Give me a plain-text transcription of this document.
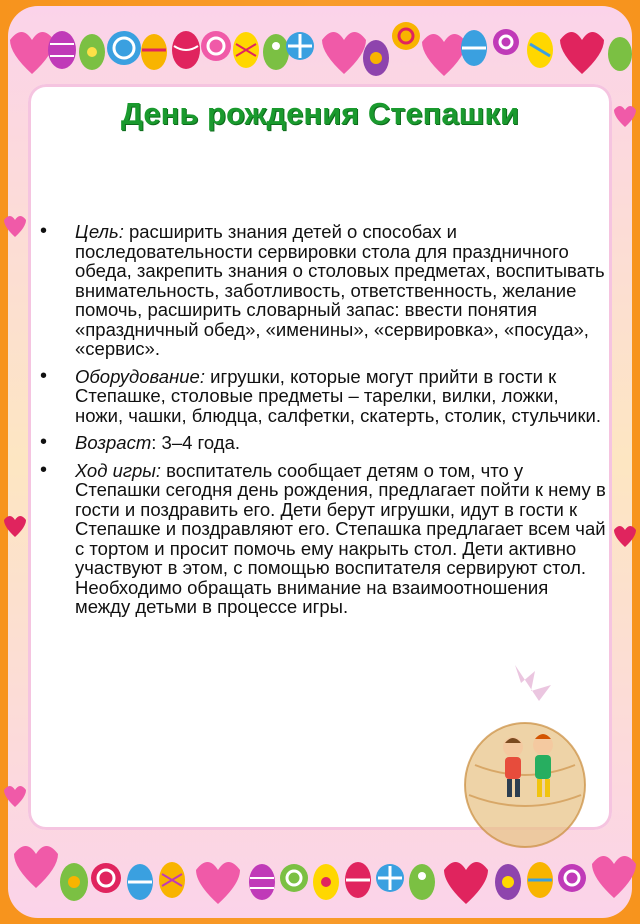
День рождения Степашки
• Цель: расширить знания детей о способах и последовательности сервировки стола для праздничного обеда, закрепить знания о столовых предметах, воспитывать внимательность, заботливость, ответственность, желание помочь, расширить словарный запас: ввести понятия «праздничный обед», «именины», «сервировка», «посуда», «сервис».
• Оборудование: игрушки, которые могут прийти в гости к Степашке, столовые предметы – тарелки, вилки, ложки, ножи, чашки, блюдца, салфетки, скатерть, столик, стульчики.
• Возраст: 3–4 года.
• Ход игры: воспитатель сообщает детям о том, что у Степашки сегодня день рождения, предлагает пойти к нему в гости и поздравить его. Дети берут игрушки, идут в гости к Степашке и поздравляют его. Степашка предлагает всем чай с тортом и просит помочь ему накрыть стол. Дети активно участвуют в этом, с помощью воспитателя сервируют стол. Необходимо обращать внимание на взаимоотношения между детьми в процессе игры.
